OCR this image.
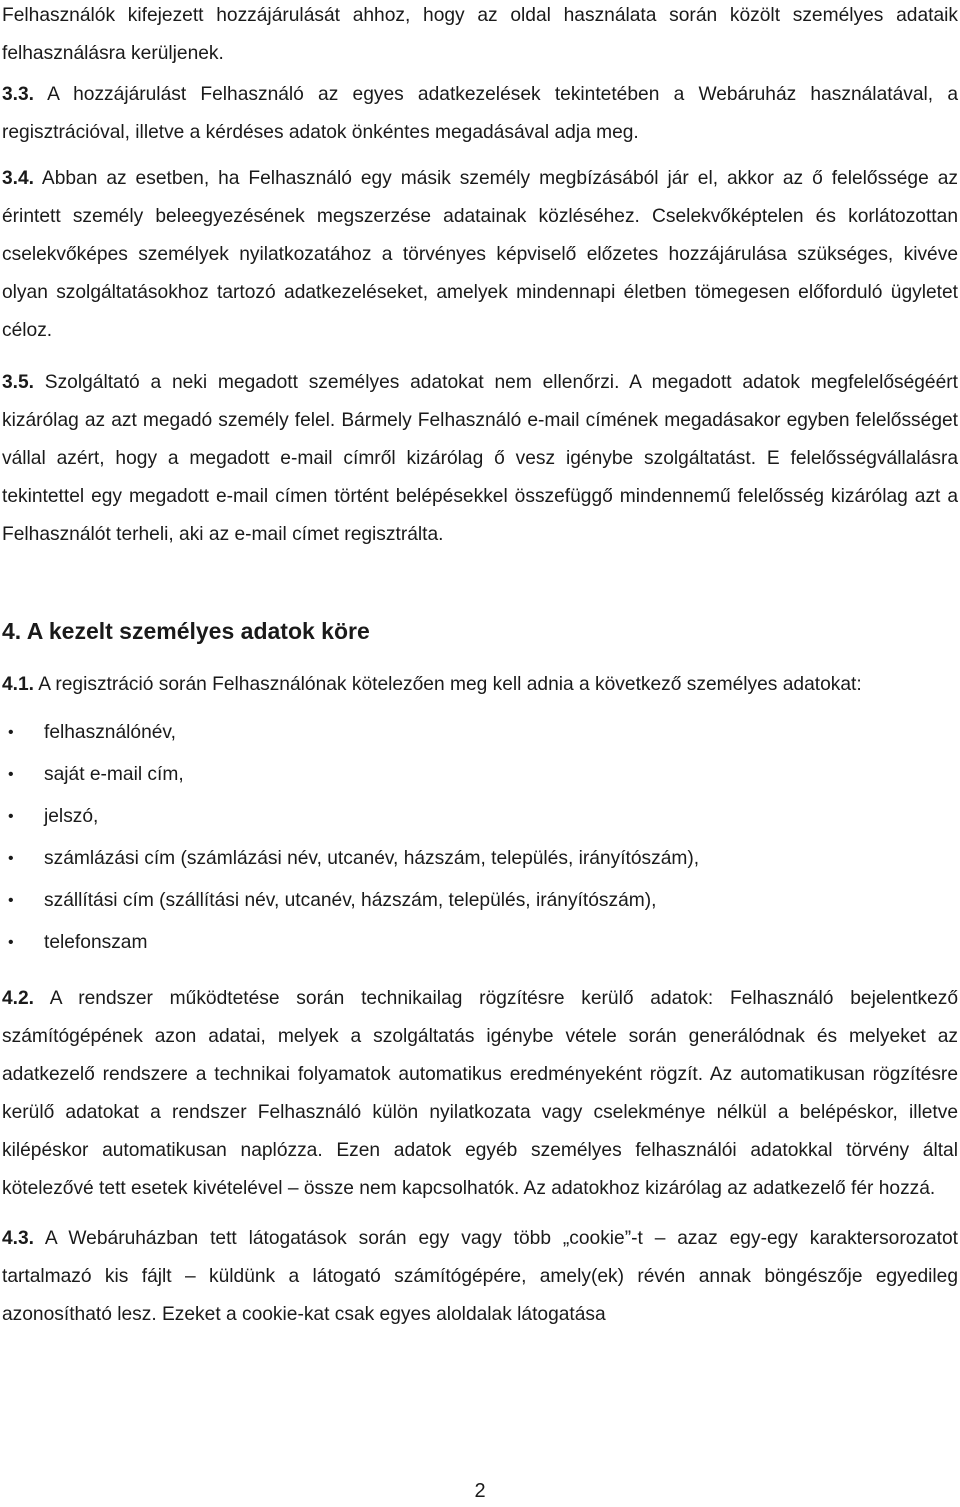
Felhasználók kifejezett hozzájárulását ahhoz, hogy az oldal használata során közölt személyes adataik felhasználásra kerüljenek.

3.3. A hozzájárulást Felhasználó az egyes adatkezelések tekintetében a Webáruház használatával, a regisztrációval, illetve a kérdéses adatok önkéntes megadásával adja meg.

3.4. Abban az esetben, ha Felhasználó egy másik személy megbízásából jár el, akkor az ő felelőssége az érintett személy beleegyezésének megszerzése adatainak közléséhez. Cselekvőképtelen és korlátozottan cselekvőképes személyek nyilatkozatához a törvényes képviselő előzetes hozzájárulása szükséges, kivéve olyan szolgáltatásokhoz tartozó adatkezeléseket, amelyek mindennapi életben tömegesen előforduló ügyletet céloz.

3.5. Szolgáltató a neki megadott személyes adatokat nem ellenőrzi. A megadott adatok megfelelőségéért kizárólag az azt megadó személy felel. Bármely Felhasználó e-mail címének megadásakor egyben felelősséget vállal azért, hogy a megadott e-mail címről kizárólag ő vesz igénybe szolgáltatást. E felelősségvállalásra tekintettel egy megadott e-mail címen történt belépésekkel összefüggő mindennemű felelősség kizárólag azt a Felhasználót terheli, aki az e-mail címet regisztrálta.

4. A kezelt személyes adatok köre

4.1. A regisztráció során Felhasználónak kötelezően meg kell adnia a következő személyes adatokat:

• felhasználónév,
• saját e-mail cím,
• jelszó,
• számlázási cím (számlázási név, utcanév, házszám, település, irányítószám),
• szállítási cím (szállítási név, utcanév, házszám, település, irányítószám),
• telefonszam

4.2. A rendszer működtetése során technikailag rögzítésre kerülő adatok: Felhasználó bejelentkező számítógépének azon adatai, melyek a szolgáltatás igénybe vétele során generálódnak és melyeket az adatkezelő rendszere a technikai folyamatok automatikus eredményeként rögzít. Az automatikusan rögzítésre kerülő adatokat a rendszer Felhasználó külön nyilatkozata vagy cselekménye nélkül a belépéskor, illetve kilépéskor automatikusan naplózza. Ezen adatok egyéb személyes felhasználói adatokkal törvény által kötelezővé tett esetek kivételével – össze nem kapcsolhatók. Az adatokhoz kizárólag az adatkezelő fér hozzá.

4.3. A Webáruházban tett látogatások során egy vagy több „cookie”-t – azaz egy-egy karaktersorozatot tartalmazó kis fájlt – küldünk a látogató számítógépére, amely(ek) révén annak böngészője egyedileg azonosítható lesz. Ezeket a cookie-kat csak egyes aloldalak látogatása

2
